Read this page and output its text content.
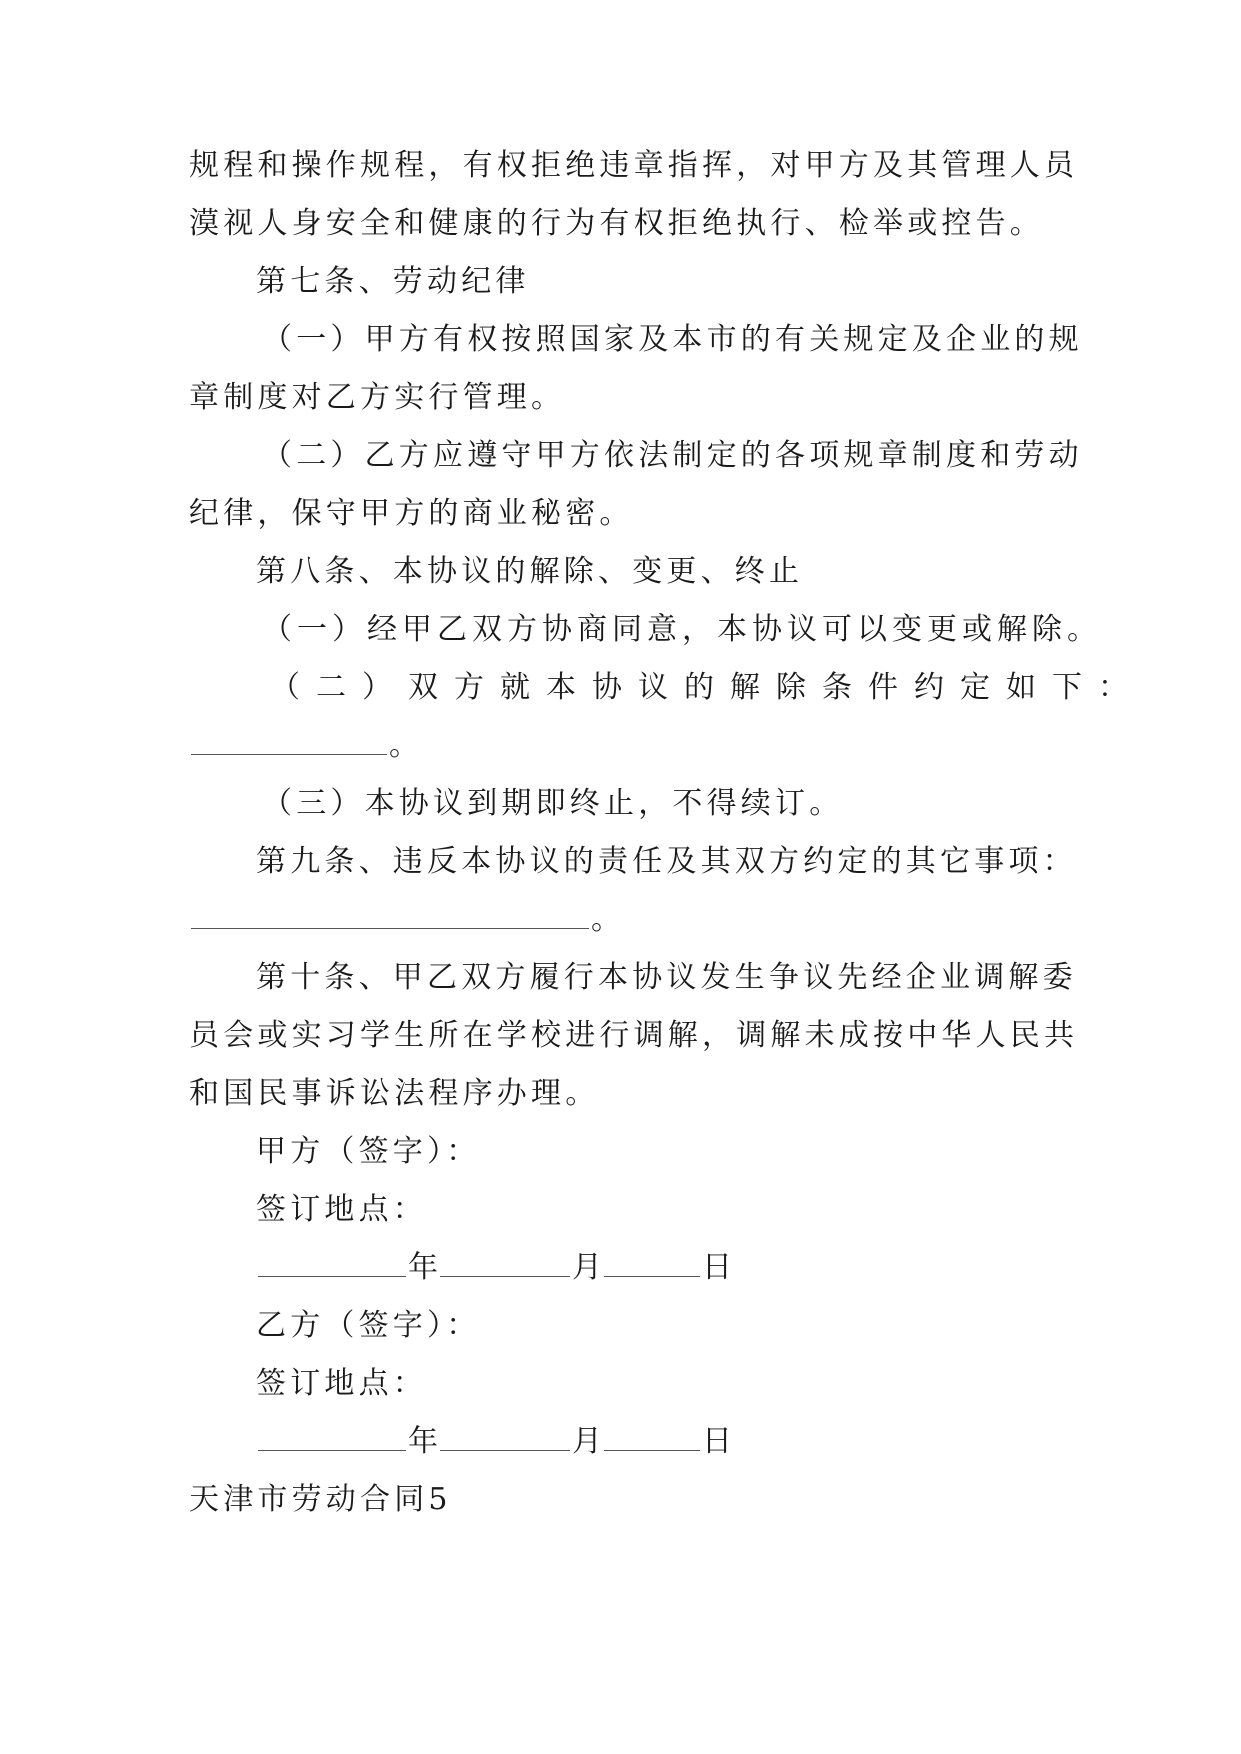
规程和操作规程，有权拒绝违章指挥，对甲方及其管理人员
漠视人身安全和健康的行为有权拒绝执行、检举或控告。
第七条、劳动纪律
（一）甲方有权按照国家及本市的有关规定及企业的规
章制度对乙方实行管理。
（二）乙方应遵守甲方依法制定的各项规章制度和劳动
纪律，保守甲方的商业秘密。
第八条、本协议的解除、变更、终止
（一）经甲乙双方协商同意，本协议可以变更或解除。
（二）双方就本协议的解除条件约定如下：
。
（三）本协议到期即终止，不得续订。
第九条、违反本协议的责任及其双方约定的其它事项：
。
第十条、甲乙双方履行本协议发生争议先经企业调解委
员会或实习学生所在学校进行调解，调解未成按中华人民共
和国民事诉讼法程序办理。
甲方（签字）：
签订地点：
年	月	日
乙方（签字）：
签订地点：
年	月	日
天津市劳动合同5
